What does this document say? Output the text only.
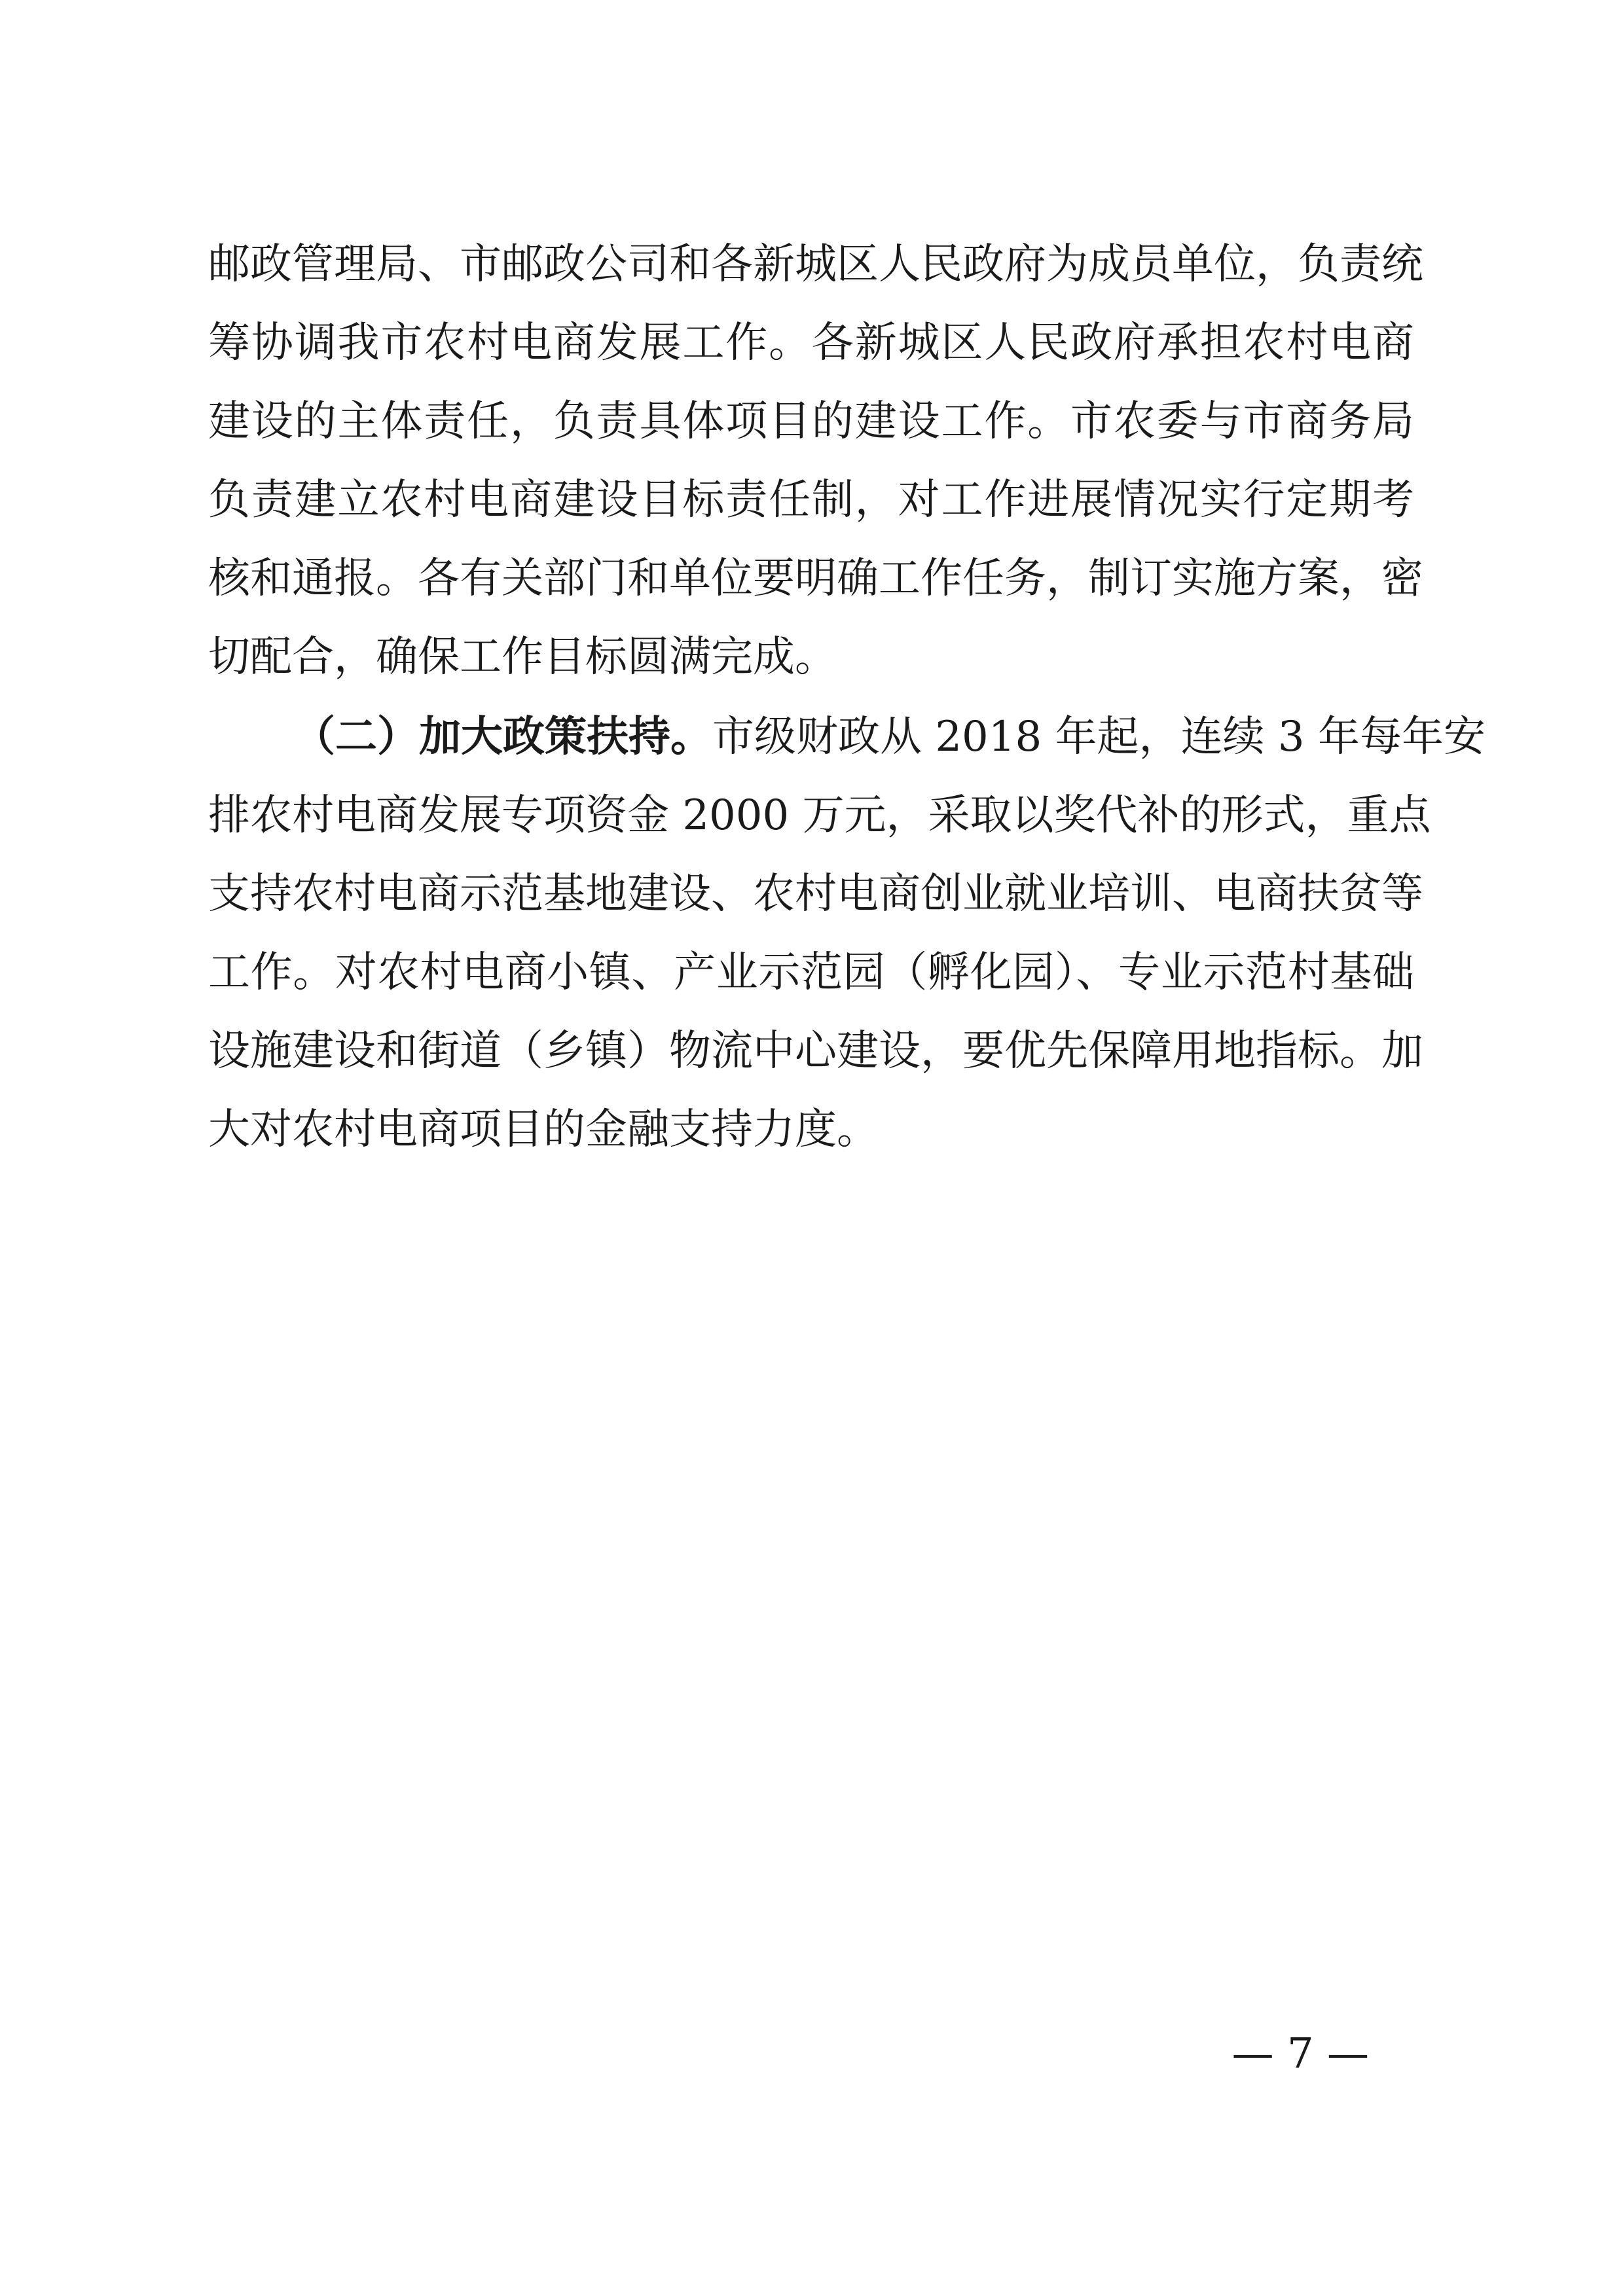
邮政管理局、市邮政公司和各新城区人民政府为成员单位，负责统
筹协调我市农村电商发展工作。各新城区人民政府承担农村电商
建设的主体责任，负责具体项目的建设工作。市农委与市商务局
负责建立农村电商建设目标责任制，对工作进展情况实行定期考
核和通报。各有关部门和单位要明确工作任务，制订实施方案，密
切配合，确保工作目标圆满完成。
（二）加大政策扶持。市级财政从 2018 年起，连续 3 年每年安
排农村电商发展专项资金 2000 万元，采取以奖代补的形式，重点
支持农村电商示范基地建设、农村电商创业就业培训、电商扶贫等
工作。对农村电商小镇、产业示范园（孵化园）、专业示范村基础
设施建设和街道（乡镇）物流中心建设，要优先保障用地指标。加
大对农村电商项目的金融支持力度。
— 7 —
